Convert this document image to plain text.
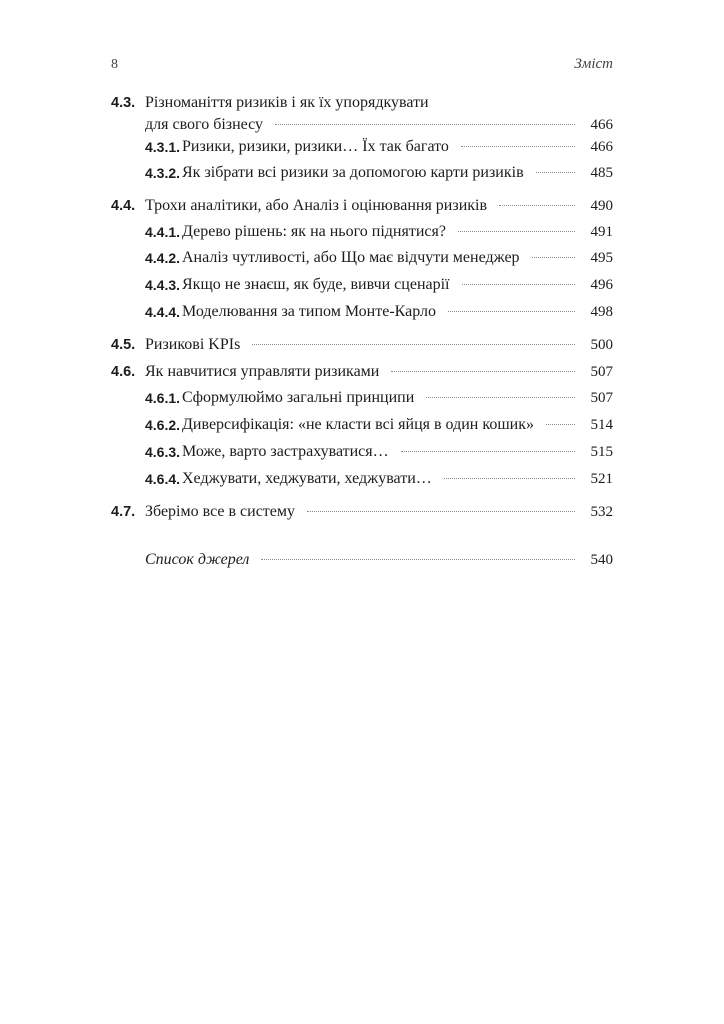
8	Зміст
4.3. Різноманіття ризиків і як їх упорядкувати
для свого бізнесу	466
4.3.1. Ризики, ризики, ризики… Їх так багато	466
4.3.2. Як зібрати всі ризики за допомогою карти ризиків	485
4.4. Трохи аналітики, або Аналіз і оцінювання ризиків	490
4.4.1. Дерево рішень: як на нього піднятися?	491
4.4.2. Аналіз чутливості, або Що має відчути менеджер	495
4.4.3. Якщо не знаєш, як буде, вивчи сценарії	496
4.4.4. Моделювання за типом Монте-Карло	498
4.5. Ризикові KPIs	500
4.6. Як навчитися управляти ризиками	507
4.6.1. Сформулюймо загальні принципи	507
4.6.2. Диверсифікація: «не класти всі яйця в один кошик»	514
4.6.3. Може, варто застрахуватися…	515
4.6.4. Хеджувати, хеджувати, хеджувати…	521
4.7. Зберімо все в систему	532
Список джерел	540
